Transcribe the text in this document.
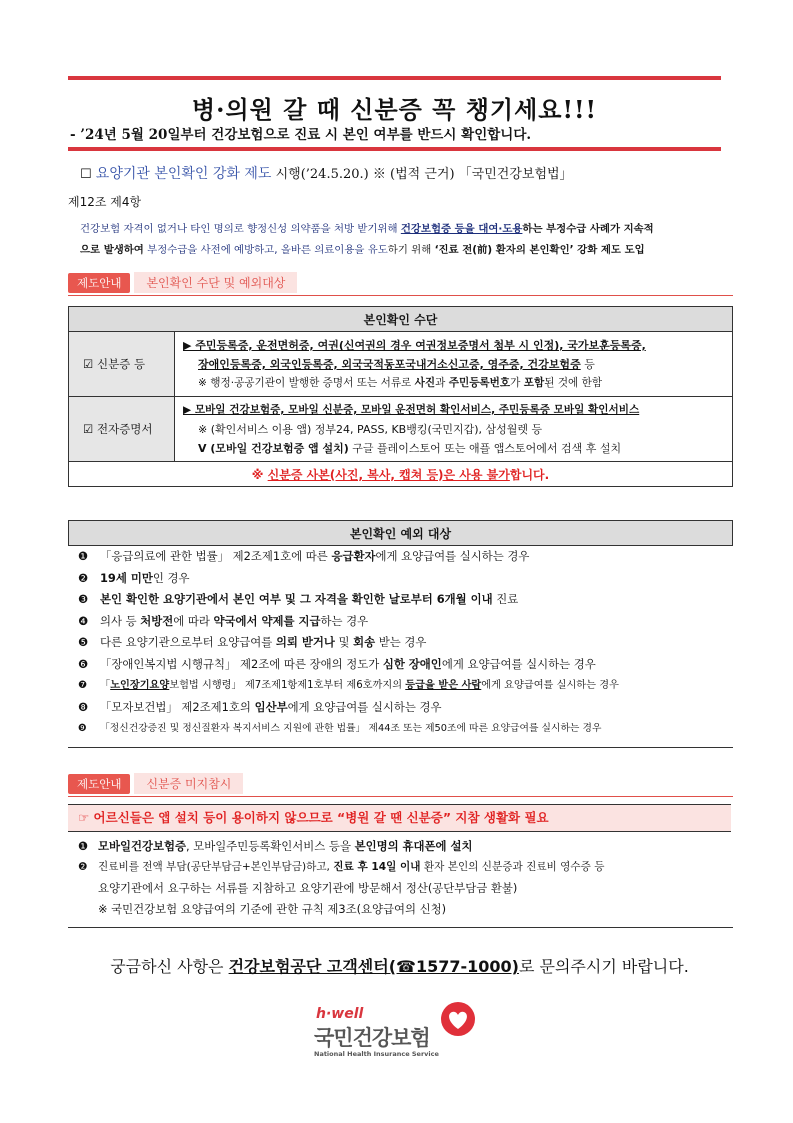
병·의원 갈 때 신분증 꼭 챙기세요!!!
- ’24년 5월 20일부터 건강보험으로 진료 시 본인 여부를 반드시 확인합니다.
☐ 요양기관 본인확인 강화 제도 시행(’24.5.20.) ※ (법적 근거) 「국민건강보험법」
제12조 제4항
건강보험 자격이 없거나 타인 명의로 향정신성 의약품을 처방 받기위해 건강보험증 등을 대여·도용하는 부정수급 사례가 지속적
으로 발생하여 부정수급을 사전에 예방하고, 올바른 의료이용을 유도하기 위해 ‘진료 전(前) 환자의 본인확인’ 강화 제도 도입
제도안내 본인확인 수단 및 예외대상
본인확인 수단	
☑ 신분증 등	▶ 주민등록증, 운전면허증, 여권(신여권의 경우 여권정보증명서 첨부 시 인정), 국가보훈등록증,
장애인등록증, 외국인등록증, 외국국적동포국내거소신고증, 영주증, 건강보험증 등
※ 행정·공공기관이 발행한 증명서 또는 서류로 사진과 주민등록번호가 포함된 것에 한함

☑ 전자증명서	▶ 모바일 건강보험증, 모바일 신분증, 모바일 운전면허 확인서비스, 주민등록증 모바일 확인서비스
※ (확인서비스 이용 앱) 정부24, PASS, KB뱅킹(국민지갑), 삼성월렛 등
V (모바일 건강보험증 앱 설치) 구글 플레이스토어 또는 애플 앱스토어에서 검색 후 설치

※ 신분증 사본(사진, 복사, 캡쳐 등)은 사용 불가합니다.	
본인확인 예외 대상
❶ 「응급의료에 관한 법률」 제2조제1호에 따른 응급환자에게 요양급여를 실시하는 경우
❷ 19세 미만인 경우
❸ 본인 확인한 요양기관에서 본인 여부 및 그 자격을 확인한 날로부터 6개월 이내 진료
❹ 의사 등 처방전에 따라 약국에서 약제를 지급하는 경우
❺ 다른 요양기관으로부터 요양급여를 의뢰 받거나 및 회송 받는 경우
❻ 「장애인복지법 시행규칙」 제2조에 따른 장애의 정도가 심한 장애인에게 요양급여를 실시하는 경우
❼ 「노인장기요양보험법 시행령」 제7조제1항제1호부터 제6호까지의 등급을 받은 사람에게 요양급여를 실시하는 경우
❽ 「모자보건법」 제2조제1호의 임산부에게 요양급여를 실시하는 경우
❾ 「정신건강증진 및 정신질환자 복지서비스 지원에 관한 법률」 제44조 또는 제50조에 따른 요양급여를 실시하는 경우
제도안내 신분증 미지참시
☞ 어르신들은 앱 설치 등이 용이하지 않으므로 “병원 갈 땐 신분증” 지참 생활화 필요
❶ 모바일건강보험증, 모바일주민등록확인서비스 등을 본인명의 휴대폰에 설치
❷ 진료비를 전액 부담(공단부담금+본인부담금)하고, 진료 후 14일 이내 환자 본인의 신분증과 진료비 영수증 등
요양기관에서 요구하는 서류를 지참하고 요양기관에 방문해서 정산(공단부담금 환불)
※ 국민건강보험 요양급여의 기준에 관한 규칙 제3조(요양급여의 신청)
궁금하신 사항은 건강보험공단 고객센터(☎1577-1000)로 문의주시기 바랍니다.
h·well
국민건강보험
National Health Insurance Service
